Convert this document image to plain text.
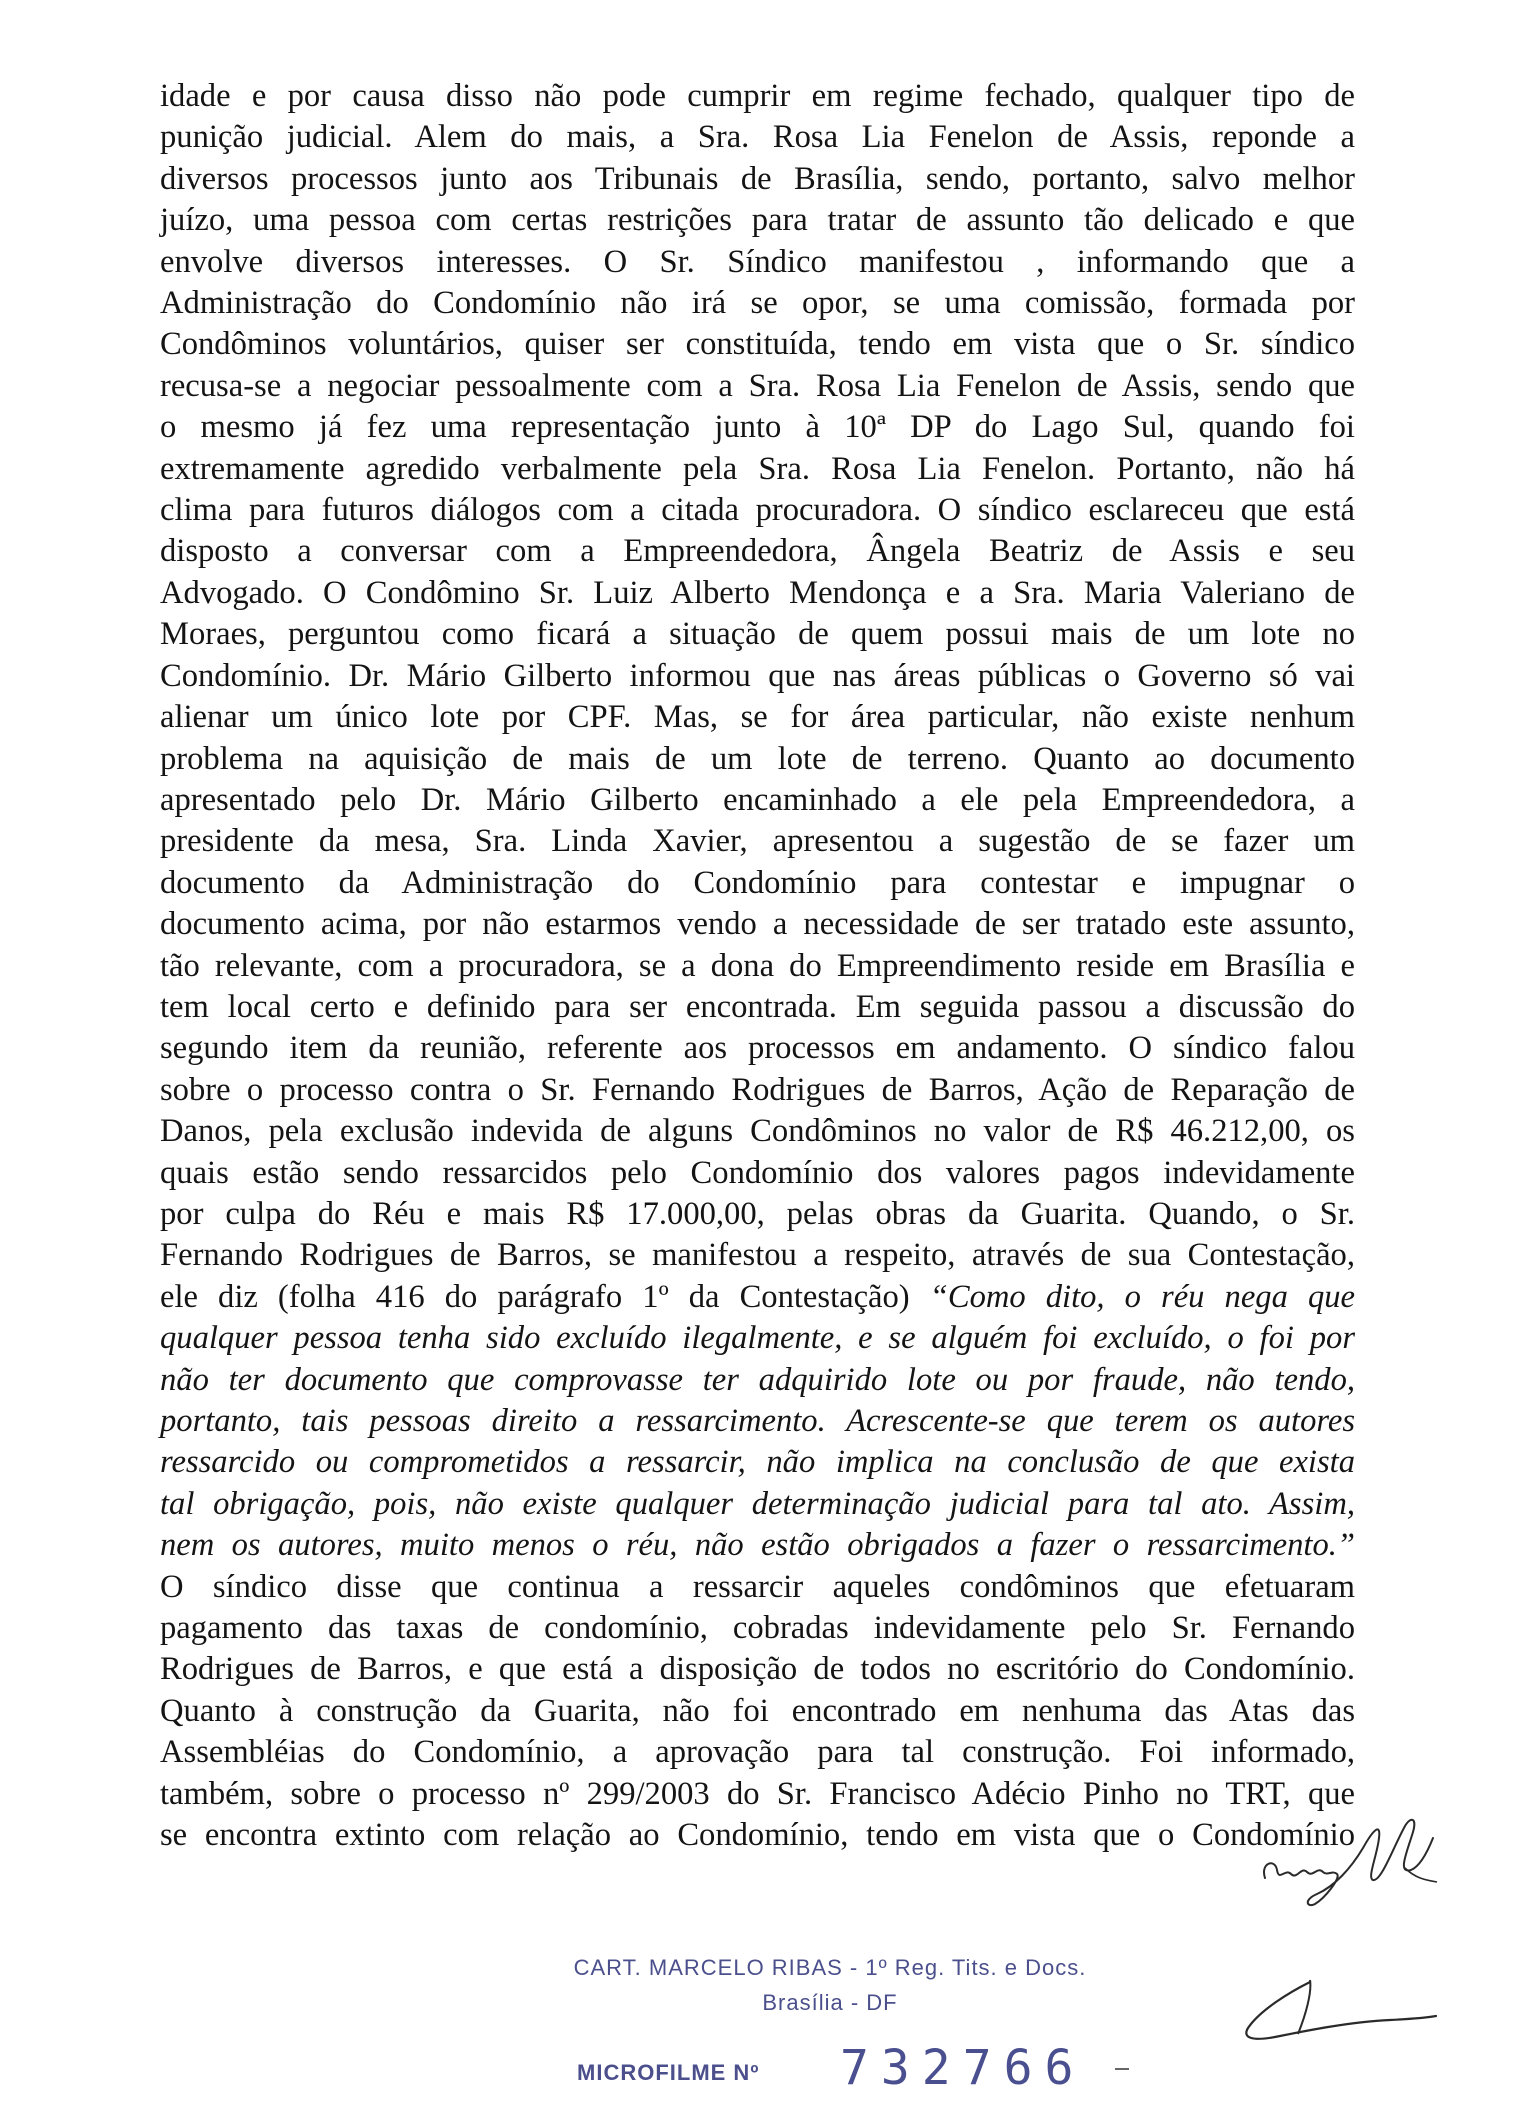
idade e por causa disso não pode cumprir em regime fechado, qualquer tipo de
punição judicial. Alem do mais, a Sra. Rosa Lia Fenelon de Assis, reponde a
diversos processos junto aos Tribunais de Brasília, sendo, portanto, salvo melhor
juízo, uma pessoa com certas restrições para tratar de assunto tão delicado e que
envolve diversos interesses. O Sr. Síndico manifestou , informando que a
Administração do Condomínio não irá se opor, se uma comissão, formada por
Condôminos voluntários, quiser ser constituída, tendo em vista que o Sr. síndico
recusa-se a negociar pessoalmente com a Sra. Rosa Lia Fenelon de Assis, sendo que
o mesmo já fez uma representação junto à 10ª DP do Lago Sul, quando foi
extremamente agredido verbalmente pela Sra. Rosa Lia Fenelon. Portanto, não há
clima para futuros diálogos com a citada procuradora. O síndico esclareceu que está
disposto a conversar com a Empreendedora, Ângela Beatriz de Assis e seu
Advogado. O Condômino Sr. Luiz Alberto Mendonça e a Sra. Maria Valeriano de
Moraes, perguntou como ficará a situação de quem possui mais de um lote no
Condomínio. Dr. Mário Gilberto informou que nas áreas públicas o Governo só vai
alienar um único lote por CPF. Mas, se for área particular, não existe nenhum
problema na aquisição de mais de um lote de terreno. Quanto ao documento
apresentado pelo Dr. Mário Gilberto encaminhado a ele pela Empreendedora, a
presidente da mesa, Sra. Linda Xavier, apresentou a sugestão de se fazer um
documento da Administração do Condomínio para contestar e impugnar o
documento acima, por não estarmos vendo a necessidade de ser tratado este assunto,
tão relevante, com a procuradora, se a dona do Empreendimento reside em Brasília e
tem local certo e definido para ser encontrada. Em seguida passou a discussão do
segundo item da reunião, referente aos processos em andamento. O síndico falou
sobre o processo contra o Sr. Fernando Rodrigues de Barros, Ação de Reparação de
Danos, pela exclusão indevida de alguns Condôminos no valor de R$ 46.212,00, os
quais estão sendo ressarcidos pelo Condomínio dos valores pagos indevidamente
por culpa do Réu e mais R$ 17.000,00, pelas obras da Guarita. Quando, o Sr.
Fernando Rodrigues de Barros, se manifestou a respeito, através de sua Contestação,
ele diz (folha 416 do parágrafo 1º da Contestação) “Como dito, o réu nega que
qualquer pessoa tenha sido excluído ilegalmente, e se alguém foi excluído, o foi por
não ter documento que comprovasse ter adquirido lote ou por fraude, não tendo,
portanto, tais pessoas direito a ressarcimento. Acrescente-se que terem os autores
ressarcido ou comprometidos a ressarcir, não implica na conclusão de que exista
tal obrigação, pois, não existe qualquer determinação judicial para tal ato. Assim,
nem os autores, muito menos o réu, não estão obrigados a fazer o ressarcimento.”
O síndico disse que continua a ressarcir aqueles condôminos que efetuaram
pagamento das taxas de condomínio, cobradas indevidamente pelo Sr. Fernando
Rodrigues de Barros, e que está a disposição de todos no escritório do Condomínio.
Quanto à construção da Guarita, não foi encontrado em nenhuma das Atas das
Assembléias do Condomínio, a aprovação para tal construção. Foi informado,
também, sobre o processo nº 299/2003 do Sr. Francisco Adécio Pinho no TRT, que
se encontra extinto com relação ao Condomínio, tendo em vista que o Condomínio
CART. MARCELO RIBAS - 1º Reg. Tits. e Docs.
Brasília - DF
MICROFILME Nº 732766
